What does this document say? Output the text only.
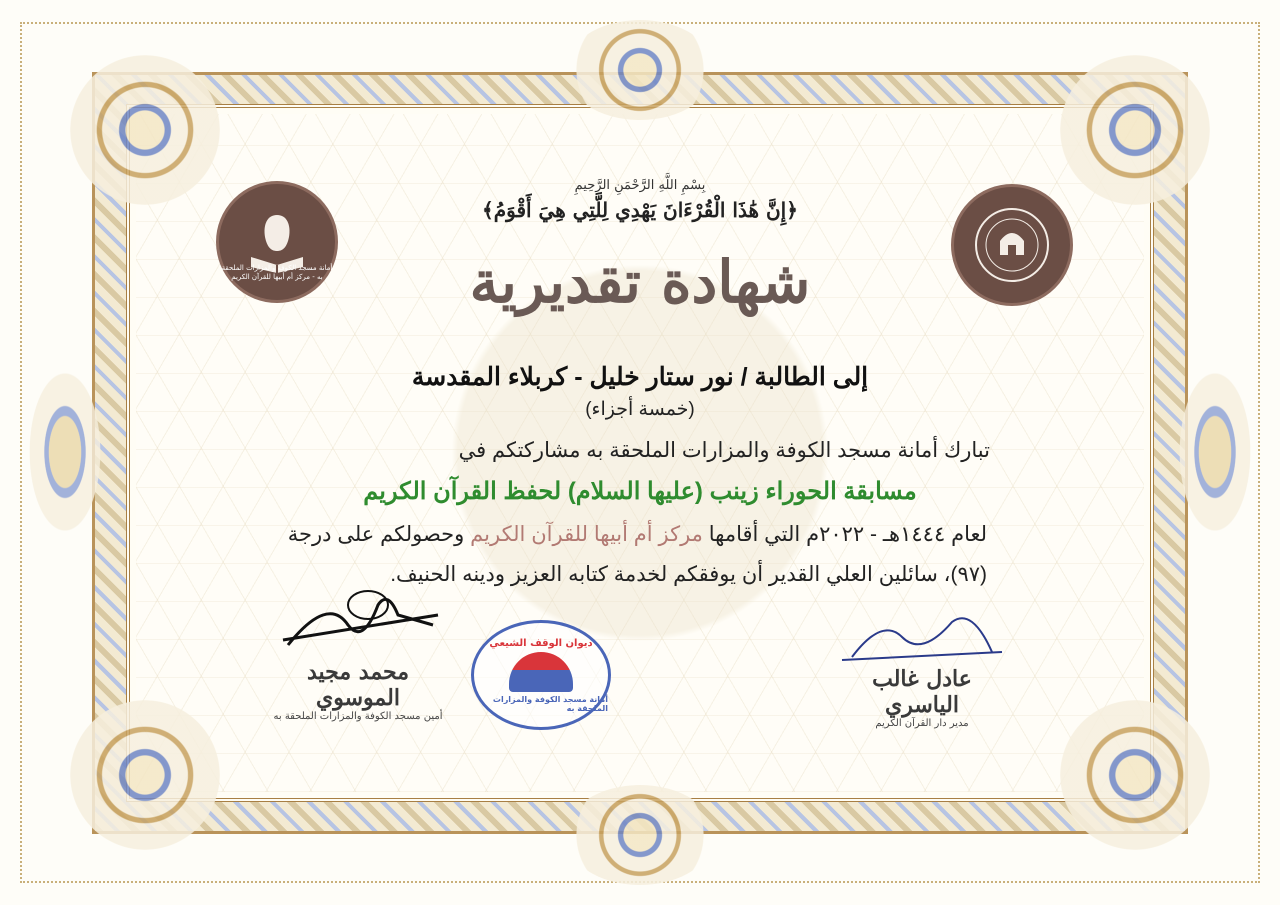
أمانة مسجد الكوفة والمزارات الملحقة به - مركز أم أبيها للقرآن الكريم
بِسْمِ اللَّهِ الرَّحْمَنِ الرَّحِيمِ
﴿إِنَّ هَٰذَا الْقُرْءَانَ يَهْدِي لِلَّتِي هِيَ أَقْوَمُ﴾
شهادة تقديرية
إلى الطالبة / نور ستار خليل - كربلاء المقدسة
(خمسة أجزاء)
تبارك أمانة مسجد الكوفة والمزارات الملحقة به مشاركتكم في
مسابقة الحوراء زينب (عليها السلام) لحفظ القرآن الكريم
لعام ١٤٤٤هـ - ٢٠٢٢م التي أقامها مركز أم أبيها للقرآن الكريم وحصولكم على درجة
(٩٧)، سائلين العلي القدير أن يوفقكم لخدمة كتابه العزيز ودينه الحنيف.
محمد مجيد الموسوي
أمين مسجد الكوفة والمزارات الملحقة به
ديوان الوقف الشيعي
أمانة مسجد الكوفة والمزارات الملحقة به
عادل غالب الياسري
مدير دار القرآن الكريم
